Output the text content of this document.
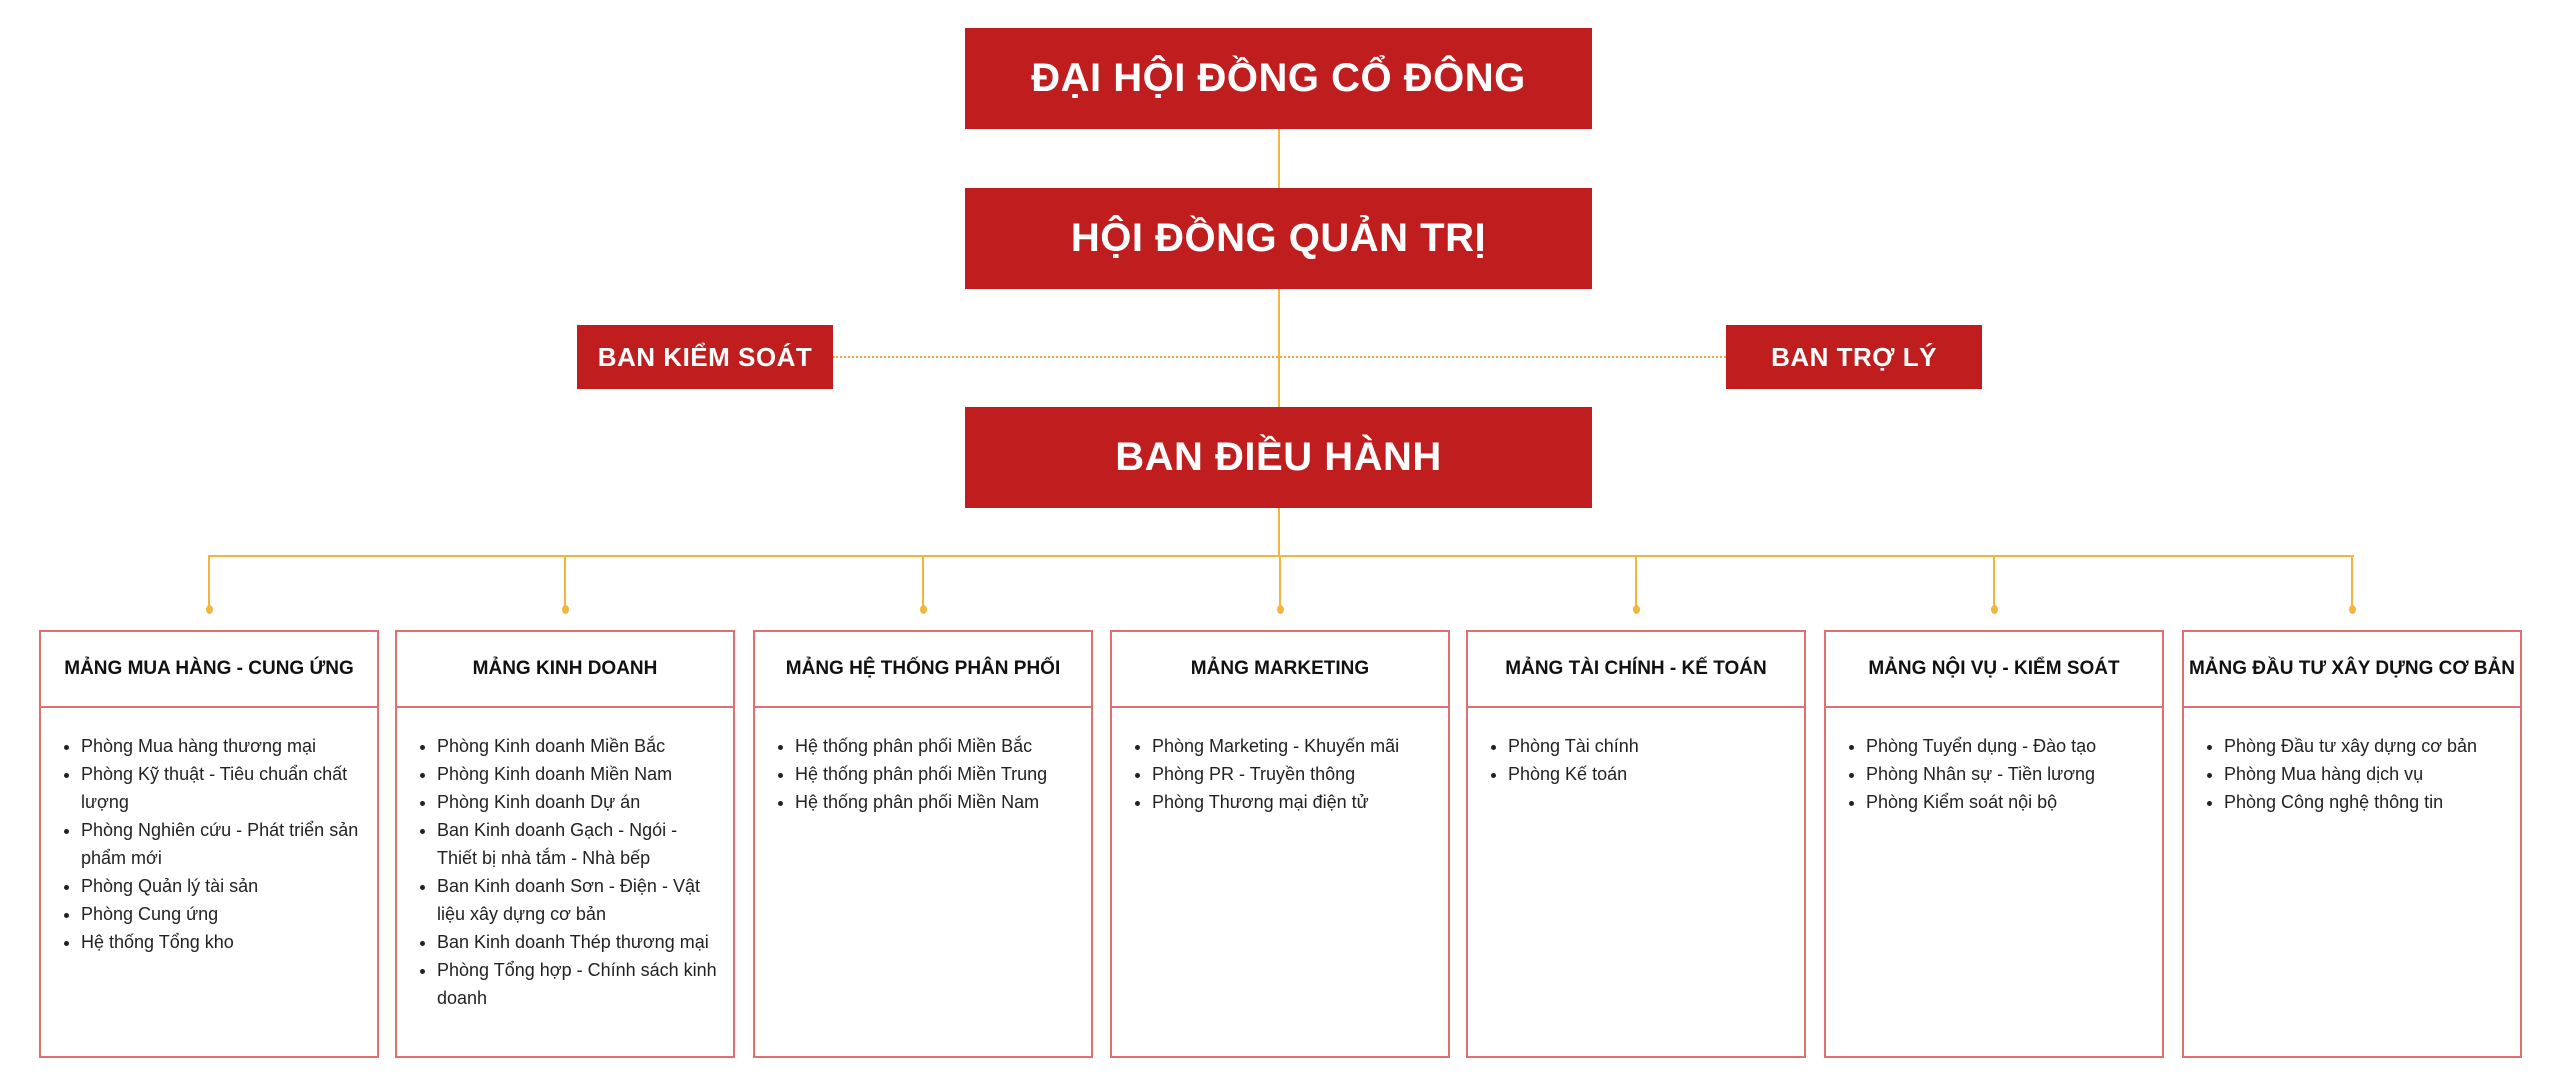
ĐẠI HỘI ĐỒNG CỔ ĐÔNG
HỘI ĐỒNG QUẢN TRỊ
BAN KIỂM SOÁT	BAN TRỢ LÝ
BAN ĐIỀU HÀNH
MẢNG MUA HÀNG - CUNG ỨNG
• Phòng Mua hàng thương mại
• Phòng Kỹ thuật - Tiêu chuẩn chất lượng
• Phòng Nghiên cứu - Phát triển sản phẩm mới
• Phòng Quản lý tài sản
• Phòng Cung ứng
• Hệ thống Tổng kho
MẢNG KINH DOANH
• Phòng Kinh doanh Miền Bắc
• Phòng Kinh doanh Miền Nam
• Phòng Kinh doanh Dự án
• Ban Kinh doanh Gạch - Ngói - Thiết bị nhà tắm - Nhà bếp
• Ban Kinh doanh Sơn - Điện - Vật liệu xây dựng cơ bản
• Ban Kinh doanh Thép thương mại
• Phòng Tổng hợp - Chính sách kinh doanh
MẢNG HỆ THỐNG PHÂN PHỐI
• Hệ thống phân phối Miền Bắc
• Hệ thống phân phối Miền Trung
• Hệ thống phân phối Miền Nam
MẢNG MARKETING
• Phòng Marketing - Khuyến mãi
• Phòng PR - Truyền thông
• Phòng Thương mại điện tử
MẢNG TÀI CHÍNH - KẾ TOÁN
• Phòng Tài chính
• Phòng Kế toán
MẢNG NỘI VỤ - KIỂM SOÁT
• Phòng Tuyển dụng - Đào tạo
• Phòng Nhân sự - Tiền lương
• Phòng Kiểm soát nội bộ
MẢNG ĐẦU TƯ XÂY DỰNG CƠ BẢN
• Phòng Đầu tư xây dựng cơ bản
• Phòng Mua hàng dịch vụ
• Phòng Công nghệ thông tin
